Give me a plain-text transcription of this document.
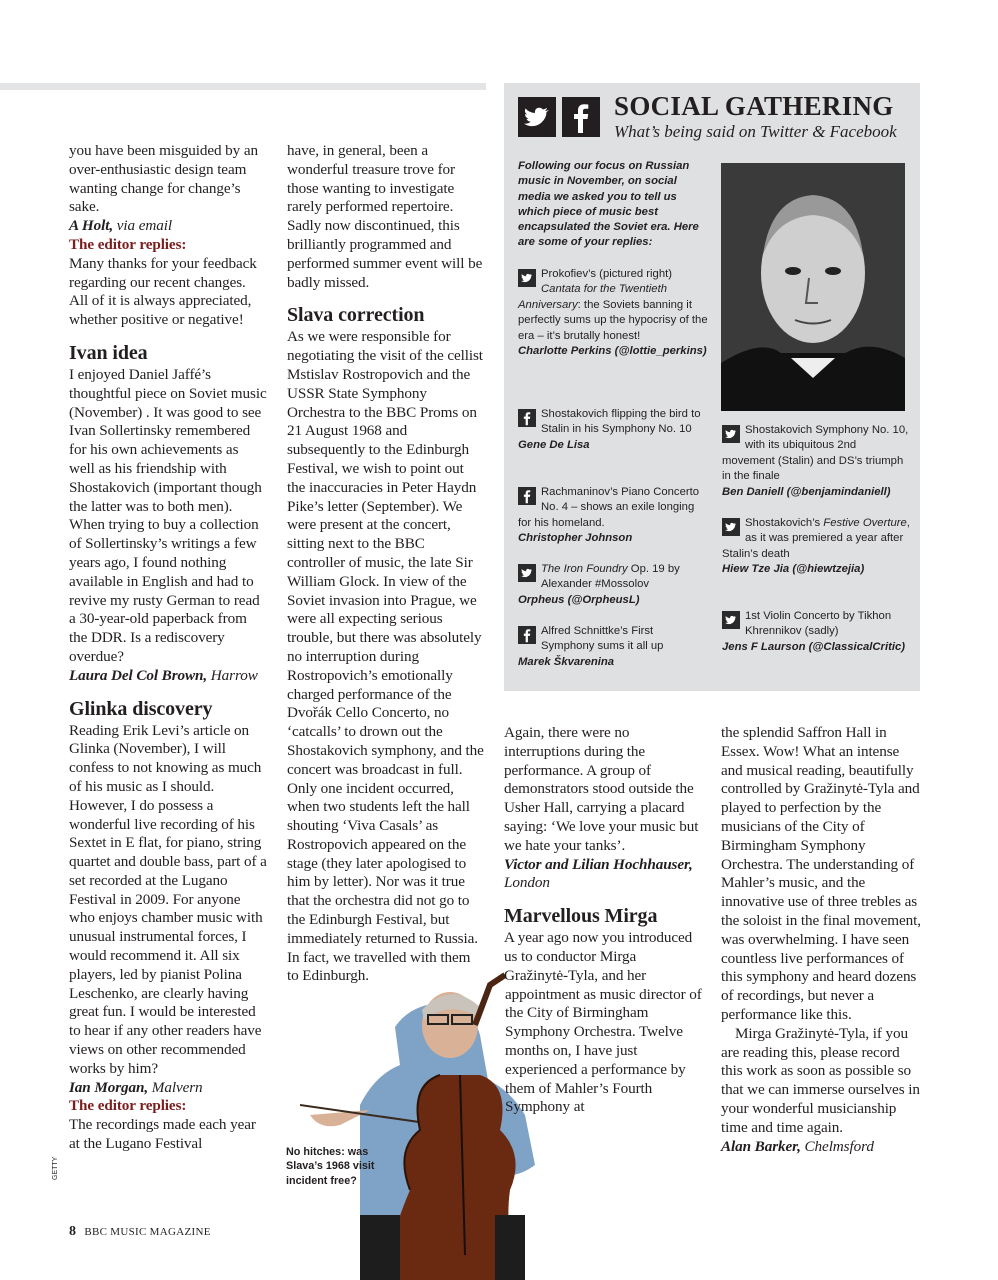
you have been misguided by an over-enthusiastic design team wanting change for change’s sake.

A Holt, via email

The editor replies:
Many thanks for your feedback regarding our recent changes. All of it is always appreciated, whether positive or negative!

Ivan idea

I enjoyed Daniel Jaffé’s thoughtful piece on Soviet music (November) . It was good to see Ivan Sollertinsky remembered for his own achievements as well as his friendship with Shostakovich (important though the latter was to both men). When trying to buy a collection of Sollertinsky’s writings a few years ago, I found nothing available in English and had to revive my rusty German to read a 30-year-old paperback from the DDR. Is a rediscovery overdue?

Laura Del Col Brown, Harrow

Glinka discovery

Reading Erik Levi’s article on Glinka (November), I will confess to not knowing as much of his music as I should. However, I do possess a wonderful live recording of his Sextet in E flat, for piano, string quartet and double bass, part of a set recorded at the Lugano Festival in 2009. For anyone who enjoys chamber music with unusual instrumental forces, I would recommend it. All six players, led by pianist Polina Leschenko, are clearly having great fun. I would be interested to hear if any other readers have views on other recommended works by him?

Ian Morgan, Malvern

The editor replies:
The recordings made each year at the Lugano Festival

have, in general, been a wonderful treasure trove for those wanting to investigate rarely performed repertoire. Sadly now discontinued, this brilliantly programmed and performed summer event will be badly missed.

Slava correction

As we were responsible for negotiating the visit of the cellist Mstislav Rostropovich and the USSR State Symphony Orchestra to the BBC Proms on 21 August 1968 and subsequently to the Edinburgh Festival, we wish to point out the inaccuracies in Peter Haydn Pike’s letter (September). We were present at the concert, sitting next to the BBC controller of music, the late Sir William Glock. In view of the Soviet invasion into Prague, we were all expecting serious trouble, but there was absolutely no interruption during Rostropovich’s emotionally charged performance of the Dvořák Cello Concerto, no ‘catcalls’ to drown out the Shostakovich symphony, and the concert was broadcast in full. Only one incident occurred, when two students left the hall shouting ‘Viva Casals’ as Rostropovich appeared on the stage (they later apologised to him by letter). Nor was it true that the orchestra did not go to the Edinburgh Festival, but immediately returned to Russia. In fact, we travelled with them to Edinburgh.

Again, there were no interruptions during the performance. A group of demonstrators stood outside the Usher Hall, carrying a placard saying: ‘We love your music but we hate your tanks’.

Victor and Lilian Hochhauser, London

Marvellous Mirga

A year ago now you introduced us to conductor Mirga Gražinytė-Tyla, and her appointment as music director of the City of Birmingham Symphony Orchestra. Twelve months on, I have just experienced a performance by them of Mahler’s Fourth Symphony at

the splendid Saffron Hall in Essex. Wow! What an intense and musical reading, beautifully controlled by Gražinytė-Tyla and played to perfection by the musicians of the City of Birmingham Symphony Orchestra. The understanding of Mahler’s music, and the innovative use of three trebles as the soloist in the final movement, was overwhelming. I have seen countless live performances of this symphony and heard dozens of recordings, but never a performance like this.

Mirga Gražinytė-Tyla, if you are reading this, please record this work as soon as possible so that we can immerse ourselves in your wonderful musicianship time and time again.

Alan Barker, Chelmsford

SOCIAL GATHERING
What’s being said on Twitter & Facebook
Following our focus on Russian music in November, on social media we asked you to tell us which piece of music best encapsulated the Soviet era. Here are some of your replies:
Prokofiev’s (pictured right) Cantata for the Twentieth Anniversary: the Soviets banning it perfectly sums up the hypocrisy of the era – it’s brutally honest!
Charlotte Perkins (@lottie_perkins)
Shostakovich flipping the bird to Stalin in his Symphony No. 10
Gene De Lisa
Rachmaninov’s Piano Concerto No. 4 – shows an exile longing for his homeland.
Christopher Johnson
The Iron Foundry Op. 19 by Alexander #Mossolov
Orpheus (@OrpheusL)
Alfred Schnittke’s First Symphony sums it all up
Marek Škvarenina
Shostakovich Symphony No. 10, with its ubiquitous 2nd movement (Stalin) and DS’s triumph in the finale
Ben Daniell (@benjamindaniell)
Shostakovich’s Festive Overture, as it was premiered a year after Stalin’s death
Hiew Tze Jia (@hiewtzejia)
1st Violin Concerto by Tikhon Khrennikov (sadly)
Jens F Laurson (@ClassicalCritic)
No hitches: was Slava’s 1968 visit incident free?
GETTY
8 BBC MUSIC MAGAZINE
